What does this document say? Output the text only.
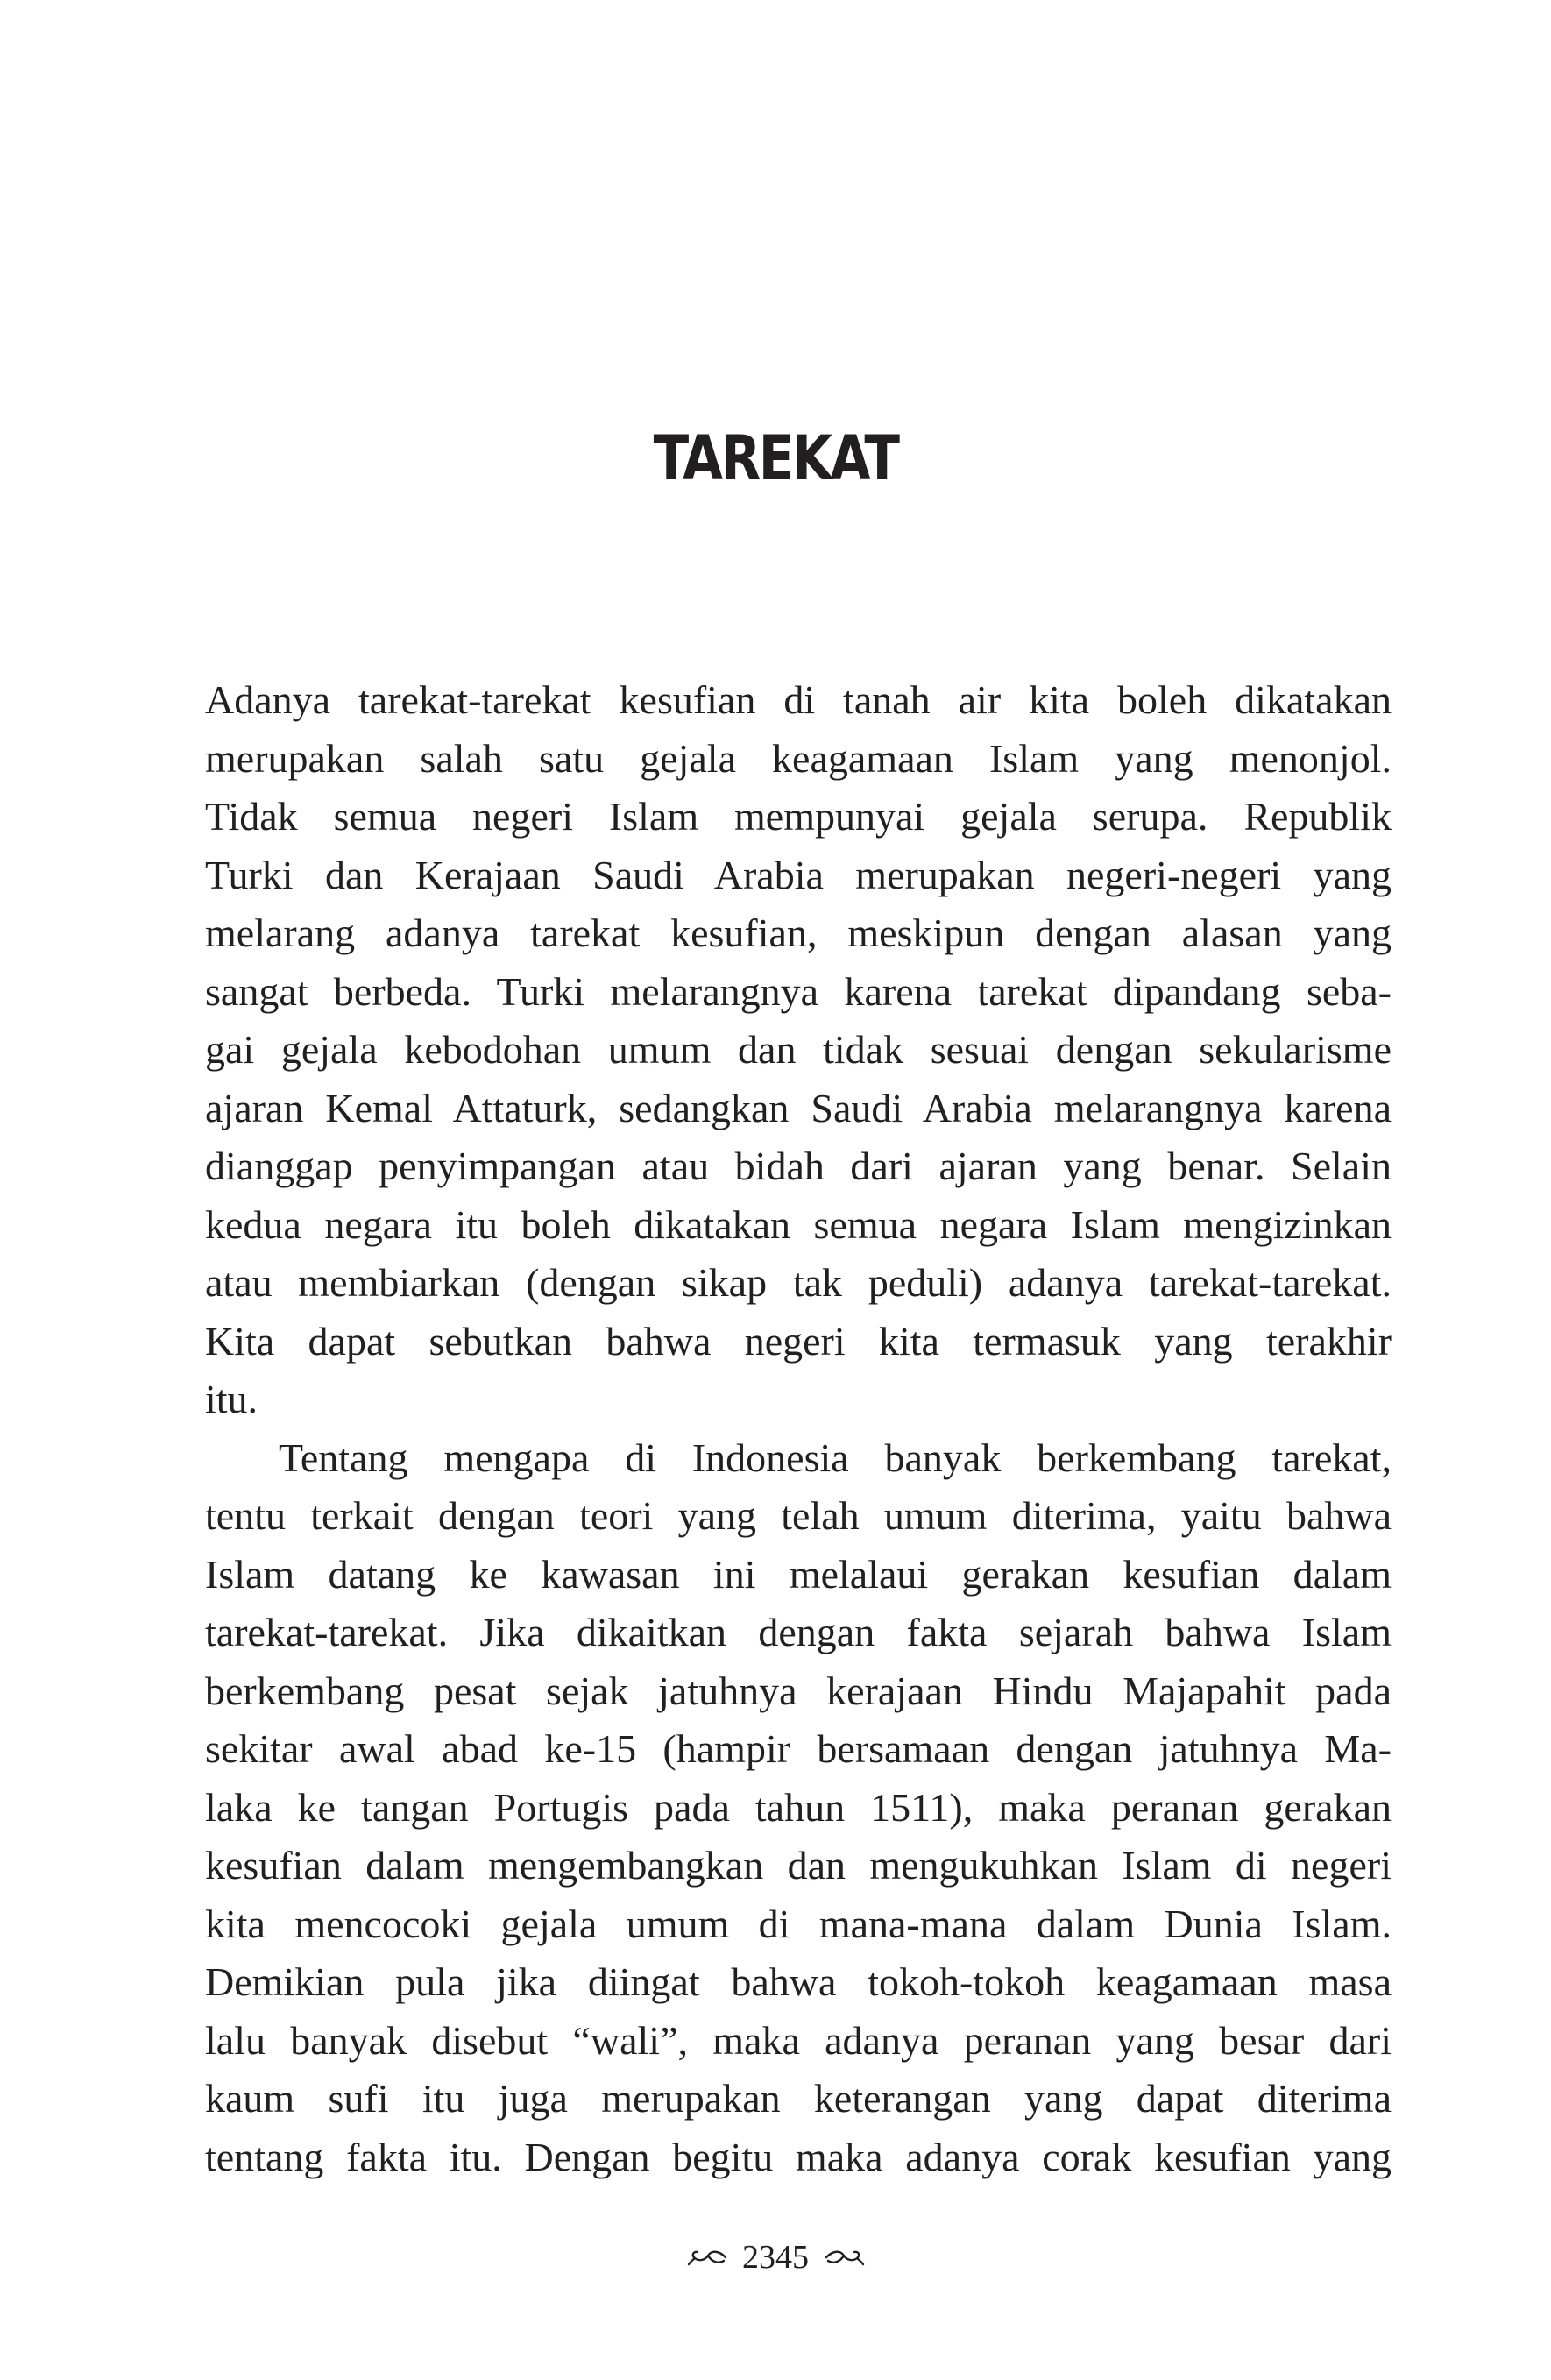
TAREKAT
Adanya tarekat-tarekat kesufian di tanah air kita boleh dikatakan
merupakan salah satu gejala keagamaan Islam yang menonjol.
Tidak semua negeri Islam mempunyai gejala serupa. Republik
Turki dan Kerajaan Saudi Arabia merupakan negeri-negeri yang
melarang adanya tarekat kesufian, meskipun dengan alasan yang
sangat berbeda. Turki melarangnya karena tarekat dipandang seba-
gai gejala kebodohan umum dan tidak sesuai dengan sekularisme
ajaran Kemal Attaturk, sedangkan Saudi Arabia melarangnya karena
dianggap penyimpangan atau bidah dari ajaran yang benar. Selain
kedua negara itu boleh dikatakan semua negara Islam mengizinkan
atau membiarkan (dengan sikap tak peduli) adanya tarekat-tarekat.
Kita dapat sebutkan bahwa negeri kita termasuk yang terakhir
itu.
Tentang mengapa di Indonesia banyak berkembang tarekat,
tentu terkait dengan teori yang telah umum diterima, yaitu bahwa
Islam datang ke kawasan ini melalaui gerakan kesufian dalam
tarekat-tarekat. Jika dikaitkan dengan fakta sejarah bahwa Islam
berkembang pesat sejak jatuhnya kerajaan Hindu Majapahit pada
sekitar awal abad ke-15 (hampir bersamaan dengan jatuhnya Ma-
laka ke tangan Portugis pada tahun 1511), maka peranan gerakan
kesufian dalam mengembangkan dan mengukuhkan Islam di negeri
kita mencocoki gejala umum di mana-mana dalam Dunia Islam.
Demikian pula jika diingat bahwa tokoh-tokoh keagamaan masa
lalu banyak disebut “wali”, maka adanya peranan yang besar dari
kaum sufi itu juga merupakan keterangan yang dapat diterima
tentang fakta itu. Dengan begitu maka adanya corak kesufian yang
2345
